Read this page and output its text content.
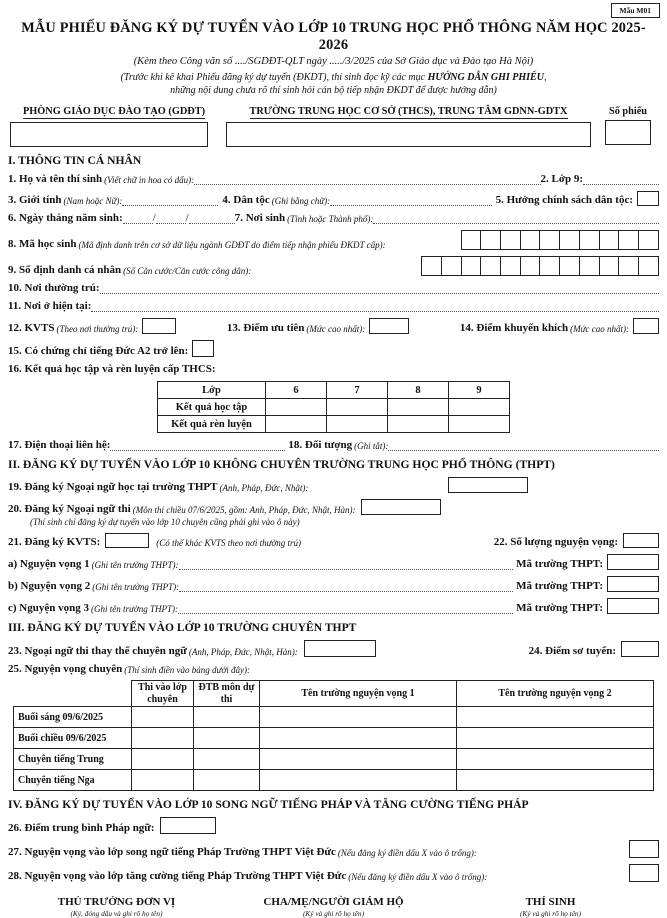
Mẫu M01
MẪU PHIẾU ĐĂNG KÝ DỰ TUYỂN VÀO LỚP 10 TRUNG HỌC PHỔ THÔNG NĂM HỌC 2025-2026
(Kèm theo Công văn số ..../SGDĐT-QLT ngày ...../3/2025 của Sở Giáo dục và Đào tạo Hà Nội)
(Trước khi kê khai Phiếu đăng ký dự tuyển (ĐKDT), thí sinh đọc kỹ các mục HƯỚNG DẪN GHI PHIẾU,
những nội dung chưa rõ thí sinh hỏi cán bộ tiếp nhận ĐKDT để được hướng dẫn)
PHÒNG GIÁO DỤC ĐÀO TẠO (GDĐT)	TRƯỜNG TRUNG HỌC CƠ SỞ (THCS), TRUNG TÂM GDNN-GDTX	Số phiếu
I. THÔNG TIN CÁ NHÂN
1. Họ và tên thí sinh (Viết chữ in hoa có dấu):	2. Lớp 9:
3. Giới tính (Nam hoặc Nữ):	4. Dân tộc (Ghi bằng chữ):	5. Hưởng chính sách dân tộc:
6. Ngày tháng năm sinh:	/	/	7. Nơi sinh (Tỉnh hoặc Thành phố):
8. Mã học sinh (Mã định danh trên cơ sở dữ liệu ngành GDĐT do điểm tiếp nhận phiếu ĐKDT cấp):
9. Số định danh cá nhân (Số Căn cước/Căn cước công dân):
10. Nơi thường trú:
11. Nơi ở hiện tại:
12. KVTS (Theo nơi thường trú):	13. Điểm ưu tiên (Mức cao nhất):	14. Điểm khuyến khích (Mức cao nhất):
15. Có chứng chỉ tiếng Đức A2 trở lên:
16. Kết quả học tập và rèn luyện cấp THCS:
Lớp	6	7	8	9
Kết quả học tập				
Kết quả rèn luyện				
17. Điện thoại liên hệ:	18. Đối tượng (Ghi tắt):
II. ĐĂNG KÝ DỰ TUYỂN VÀO LỚP 10 KHÔNG CHUYÊN TRƯỜNG TRUNG HỌC PHỔ THÔNG (THPT)
19. Đăng ký Ngoại ngữ học tại trường THPT (Anh, Pháp, Đức, Nhật):
20. Đăng ký Ngoại ngữ thi (Môn thi chiều 07/6/2025, gồm: Anh, Pháp, Đức, Nhật, Hàn):
(Thí sinh chỉ đăng ký dự tuyển vào lớp 10 chuyên cũng phải ghi vào ô này)
21. Đăng ký KVTS:	(Có thể khác KVTS theo nơi thường trú)	22. Số lượng nguyện vọng:
a) Nguyện vọng 1 (Ghi tên trường THPT):	Mã trường THPT:
b) Nguyện vọng 2 (Ghi tên trường THPT):	Mã trường THPT:
c) Nguyện vọng 3 (Ghi tên trường THPT):	Mã trường THPT:
III. ĐĂNG KÝ DỰ TUYỂN VÀO LỚP 10 TRƯỜNG CHUYÊN THPT
23. Ngoại ngữ thi thay thế chuyên ngữ (Anh, Pháp, Đức, Nhật, Hàn):	24. Điểm sơ tuyển:
25. Nguyện vọng chuyên (Thí sinh điền vào bảng dưới đây):
	Thi vào lớp chuyên	ĐTB môn dự thi	Tên trường nguyện vọng 1	Tên trường nguyện vọng 2
Buổi sáng 09/6/2025				
Buổi chiều 09/6/2025				
Chuyên tiếng Trung				
Chuyên tiếng Nga				
IV. ĐĂNG KÝ DỰ TUYỂN VÀO LỚP 10 SONG NGỮ TIẾNG PHÁP VÀ TĂNG CƯỜNG TIẾNG PHÁP
26. Điểm trung bình Pháp ngữ:
27. Nguyện vọng vào lớp song ngữ tiếng Pháp Trường THPT Việt Đức (Nếu đăng ký điền dấu X vào ô trống):
28. Nguyện vọng vào lớp tăng cường tiếng Pháp Trường THPT Việt Đức (Nếu đăng ký điền dấu X vào ô trống):
THỦ TRƯỞNG ĐƠN VỊ
(Ký, đóng dấu và ghi rõ họ tên)
CHA/MẸ/NGƯỜI GIÁM HỘ
(Ký và ghi rõ họ tên)
THÍ SINH
(Ký và ghi rõ họ tên)
